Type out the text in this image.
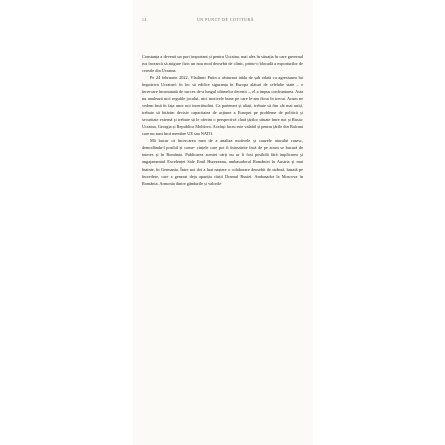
14	UN PUNCT DE COTITURĂ

Constanța a devenit un port important și pentru Ucraina, mai ales în situația în care guvernul rus încearcă să asigure fizic un nou mod deosebit de clinic, printr-o blocadă a exporturilor de cereale din Ucraina.

Pe 24 februarie 2022, Vladimir Putin a răsturnat tabla de șah odată cu agresiunea lui împotriva Ucrainei: în loc să edifice siguranța în Europa alături de celelalte state – o încercare încununată de succes de-a lungul ultimelor decenii –, el a impus confruntarea. Asta nu anulează nici regulile jocului, nici motivele bune pe care le-am făcut în trecut. Acum ne vedem însă în fața unor noi incertitudini. Ca parteneri și aliați, trebuie să fim cât mai uniți, trebuie să întărim decisiv capacitatea de acțiune a Europei pe probleme de politică și securitate externă și trebuie să le oferim o perspectivă clară țărilor situate între noi și Rusia: Ucraina, Georgia și Republica Moldova. Același lucru este valabil și pentru țările din Balcani care nu sunt încă membre UE sau NATO.

Mă bucur că încercarea mea de a analiza motivele și cauzele atacului rusesc, demodându-l posibil și conse- cințele care pot fi întrezărite încă de pe acum se bucură de interes și în România. Publicarea acestei cărți nu ar fi fost posibilă fără implicarea și angajamentul Excelenței Sale Emil Hurezeanu, ambasadorul României în Austria și mai înainte, în Germania. Între noi doi a luat naștere o colaborare deosebit de strânsă, bazată pe încredere, care a generat deja apariția cărții Dramul Rusiei. Ambasador la Moscova în România. Armonia dintre gândurile și valorile
